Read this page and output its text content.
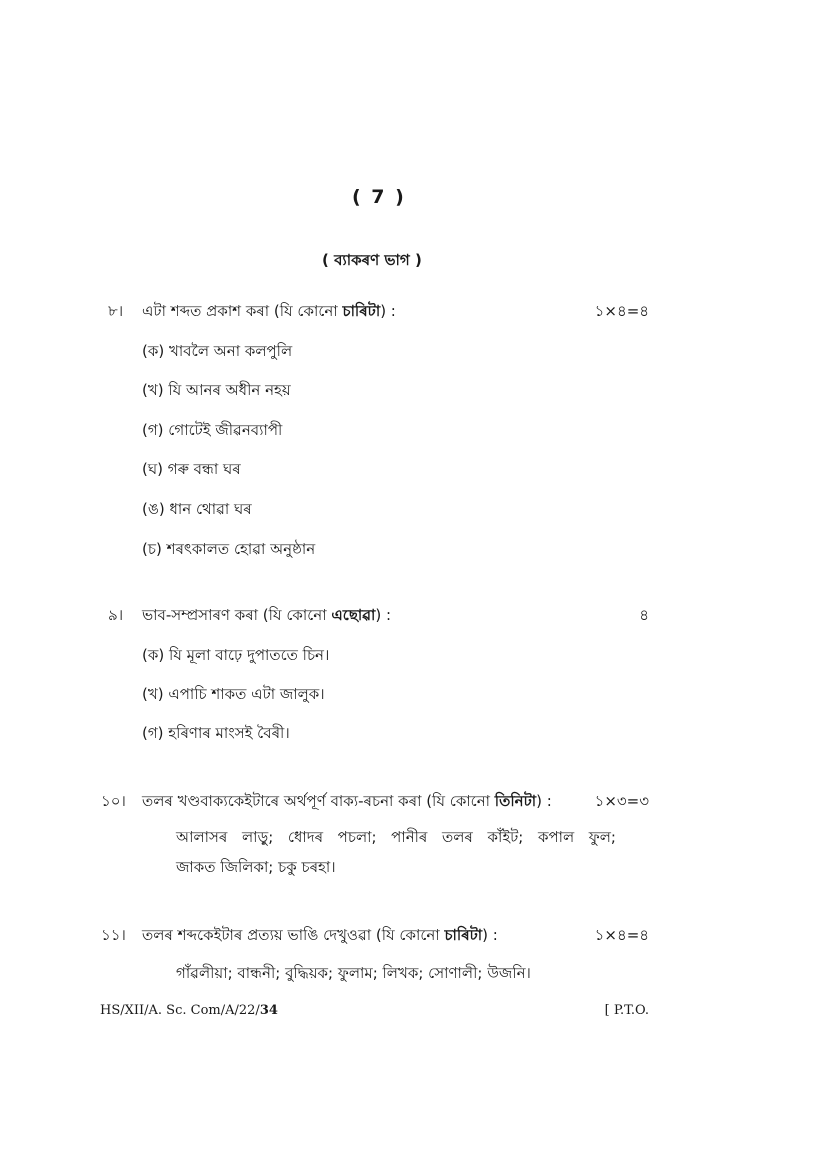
( 7 )
( ব্যাকৰণ ভাগ )
৮। এটা শব্দত প্ৰকাশ কৰা (যি কোনো চাৰিটা) :	১×৪=৪
(ক) খাবলৈ অনা কলপুলি
(খ) যি আনৰ অধীন নহয়
(গ) গোটেই জীৱনব্যাপী
(ঘ) গৰু বন্ধা ঘৰ
(ঙ) ধান থোৱা ঘৰ
(চ) শৰৎকালত হোৱা অনুষ্ঠান
৯। ভাব-সম্প্ৰসাৰণ কৰা (যি কোনো এছোৱা) :	৪
(ক) যি মূলা বাঢ়ে দুপাততে চিন।
(খ) এপাচি শাকত এটা জালুক।
(গ) হৰিণাৰ মাংসই বৈৰী।
১০। তলৰ খণ্ডবাক্যকেইটাৰে অৰ্থপূৰ্ণ বাক্য-ৰচনা কৰা (যি কোনো তিনিটা) :	১×৩=৩
আলাসৰ লাড়ু; ধোদৰ পচলা; পানীৰ তলৰ কাঁইট; কপাল ফুল;
জাকত জিলিকা; চকু চৰহা।
১১। তলৰ শব্দকেইটাৰ প্ৰত্যয় ভাঙি দেখুওৱা (যি কোনো চাৰিটা) :	১×৪=৪
গাঁৱলীয়া; বান্ধনী; বুদ্ধিয়ক; ফুলাম; লিখক; সোণালী; উজনি।
HS/XII/A. Sc. Com/A/22/34	[ P.T.O.
